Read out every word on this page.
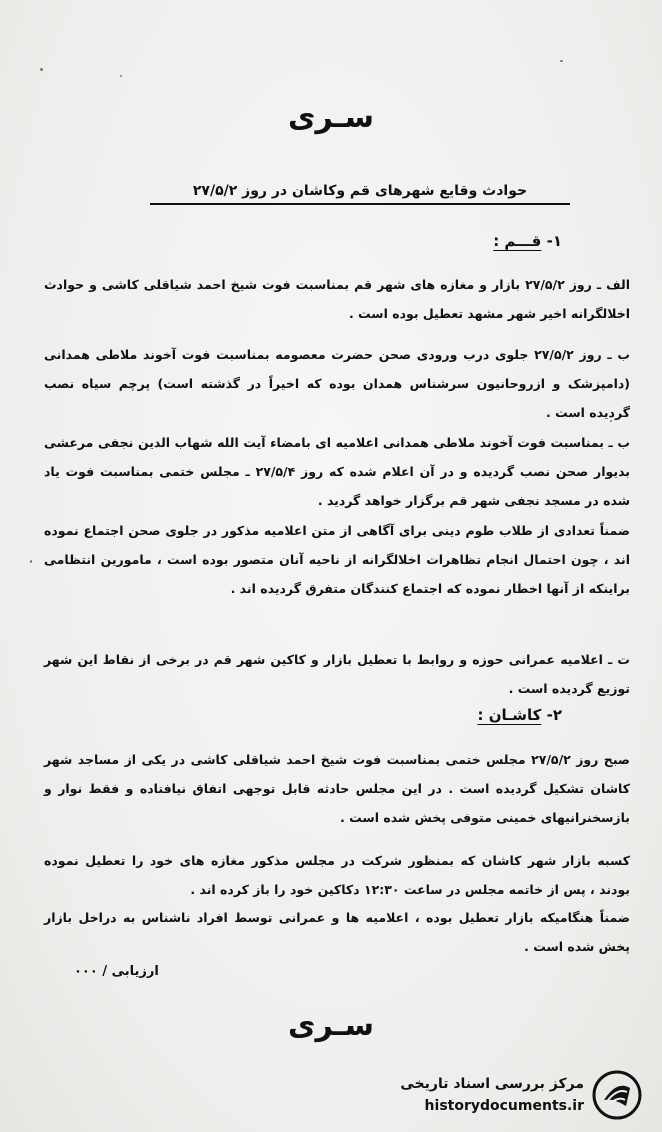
سـری
حوادث وقایع شهرهای قم وکاشان در روز ۲۷/۵/۲
۱- قـــم :
الف ـ روز ۲۷/۵/۲ بازار و مغازه های شهر قم بمناسبت فوت شیخ احمد شیاقلی کاشی و حوادث اخلالگرانه اخیر شهر مشهد تعطیل بوده است .
ب ـ روز ۲۷/۵/۲ جلوی درب ورودی صحن حضرت معصومه بمناسبت فوت آخوند ملاطی همدانی (دامپزشک و ازروحانیون سرشناس همدان بوده که اخیراً در گذشته است) پرچم سیاه نصب گردیده است .
ب ـ بمناسبت فوت آخوند ملاطی همدانی اعلامیه ای بامضاء آیت الله شهاب الدین نجفی مرعشی بدیوار صحن نصب گردیده و در آن اعلام شده که روز ۲۷/۵/۴ ـ مجلس ختمی بمناسبت فوت یاد شده در مسجد نجفی شهر قم برگزار خواهد گردید .
ضمناً تعدادی از طلاب طوم دینی برای آگاهی از متن اعلامیه مذکور در جلوی صحن اجتماع نموده اند ، چون احتمال انجام تظاهرات اخلالگرانه از ناحیه آنان متصور بوده است ، مامورین انتظامی براینکه از آنها اخطار نموده که اجتماع کنندگان متفرق گردیده اند .
ت ـ اعلامیه عمرانی حوزه و روابط با تعطیل بازار و کاکین شهر قم در برخی از نقاط این شهر توزیع گردیده است .
۲- کاشـان :
صبح روز ۲۷/۵/۲ مجلس ختمی بمناسبت فوت شیخ احمد شیاقلی کاشی در یکی از مساجد شهر کاشان تشکیل گردیده است . در این مجلس حادثه قابل توجهی اتفاق نیافتاده و فقط نوار و بازسخنرانیهای خمینی متوفی پخش شده است .
کسبه بازار شهر کاشان که بمنظور شرکت در مجلس مذکور مغازه های خود را تعطیل نموده بودند ، پس از خاتمه مجلس در ساعت ۱۲:۳۰ دکاکین خود را باز کرده اند .
ضمناً هنگامیکه بازار تعطیل بوده ، اعلامیه ها و عمرانی توسط افراد ناشناس به دراخل بازار پخش شده است .
ارزیابی / ۰۰۰
سـری
مرکز بررسی اسناد تاریخی
historydocuments.ir
